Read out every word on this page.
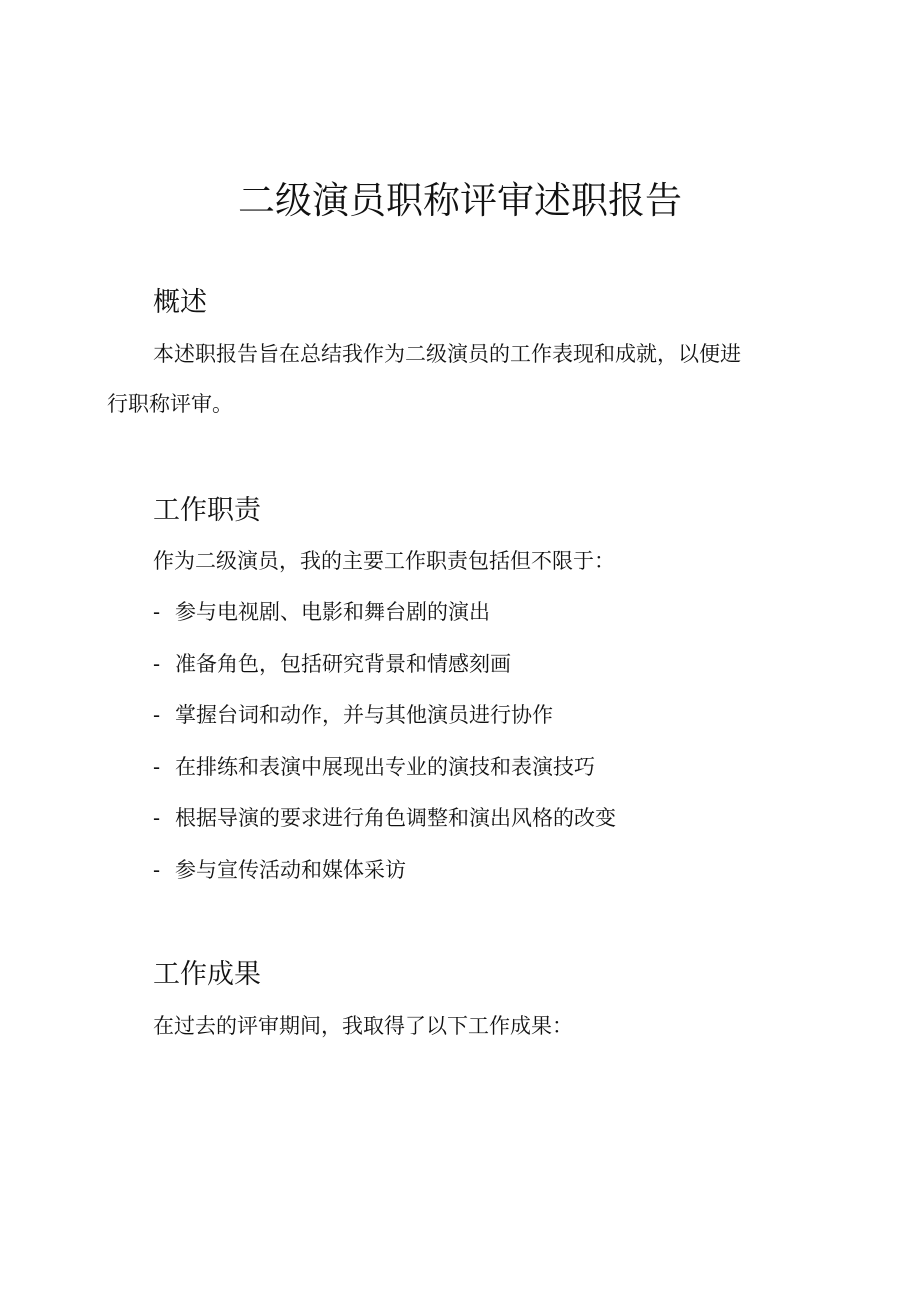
二级演员职称评审述职报告
概述

本述职报告旨在总结我作为二级演员的工作表现和成就，以便进

行职称评审。

工作职责

作为二级演员，我的主要工作职责包括但不限于：

- 参与电视剧、电影和舞台剧的演出

- 准备角色，包括研究背景和情感刻画

- 掌握台词和动作，并与其他演员进行协作

- 在排练和表演中展现出专业的演技和表演技巧

- 根据导演的要求进行角色调整和演出风格的改变

- 参与宣传活动和媒体采访

工作成果

在过去的评审期间，我取得了以下工作成果：
